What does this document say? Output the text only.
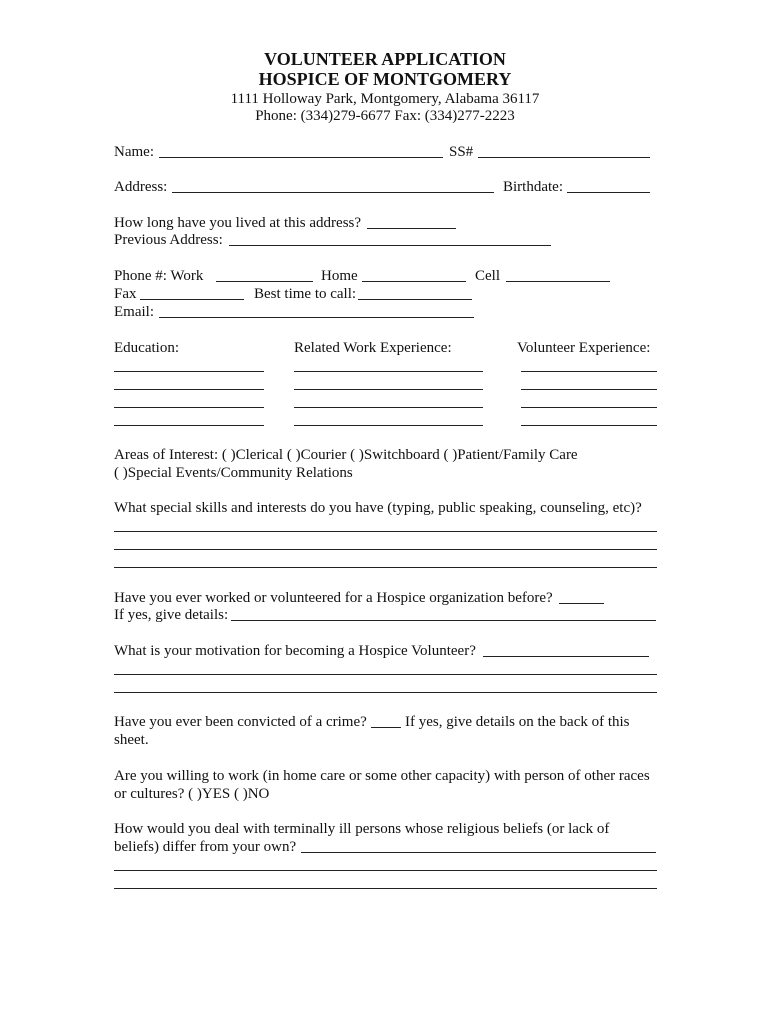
VOLUNTEER APPLICATION
HOSPICE OF MONTGOMERY
1111 Holloway Park, Montgomery, Alabama 36117
Phone: (334)279-6677 Fax: (334)277-2223
Name:	SS#
Address:	Birthdate:
How long have you lived at this address?
Previous Address:
Phone #: Work	Home	Cell
Fax	Best time to call:
Email:
Education:	Related Work Experience:	Volunteer Experience:
Areas of Interest: ( )Clerical ( )Courier ( )Switchboard ( )Patient/Family Care
( )Special Events/Community Relations
What special skills and interests do you have (typing, public speaking, counseling, etc)?
Have you ever worked or volunteered for a Hospice organization before?
If yes, give details:
What is your motivation for becoming a Hospice Volunteer?
Have you ever been convicted of a crime?	If yes, give details on the back of this
sheet.
Are you willing to work (in home care or some other capacity) with person of other races
or cultures? ( )YES ( )NO
How would you deal with terminally ill persons whose religious beliefs (or lack of
beliefs) differ from your own?
